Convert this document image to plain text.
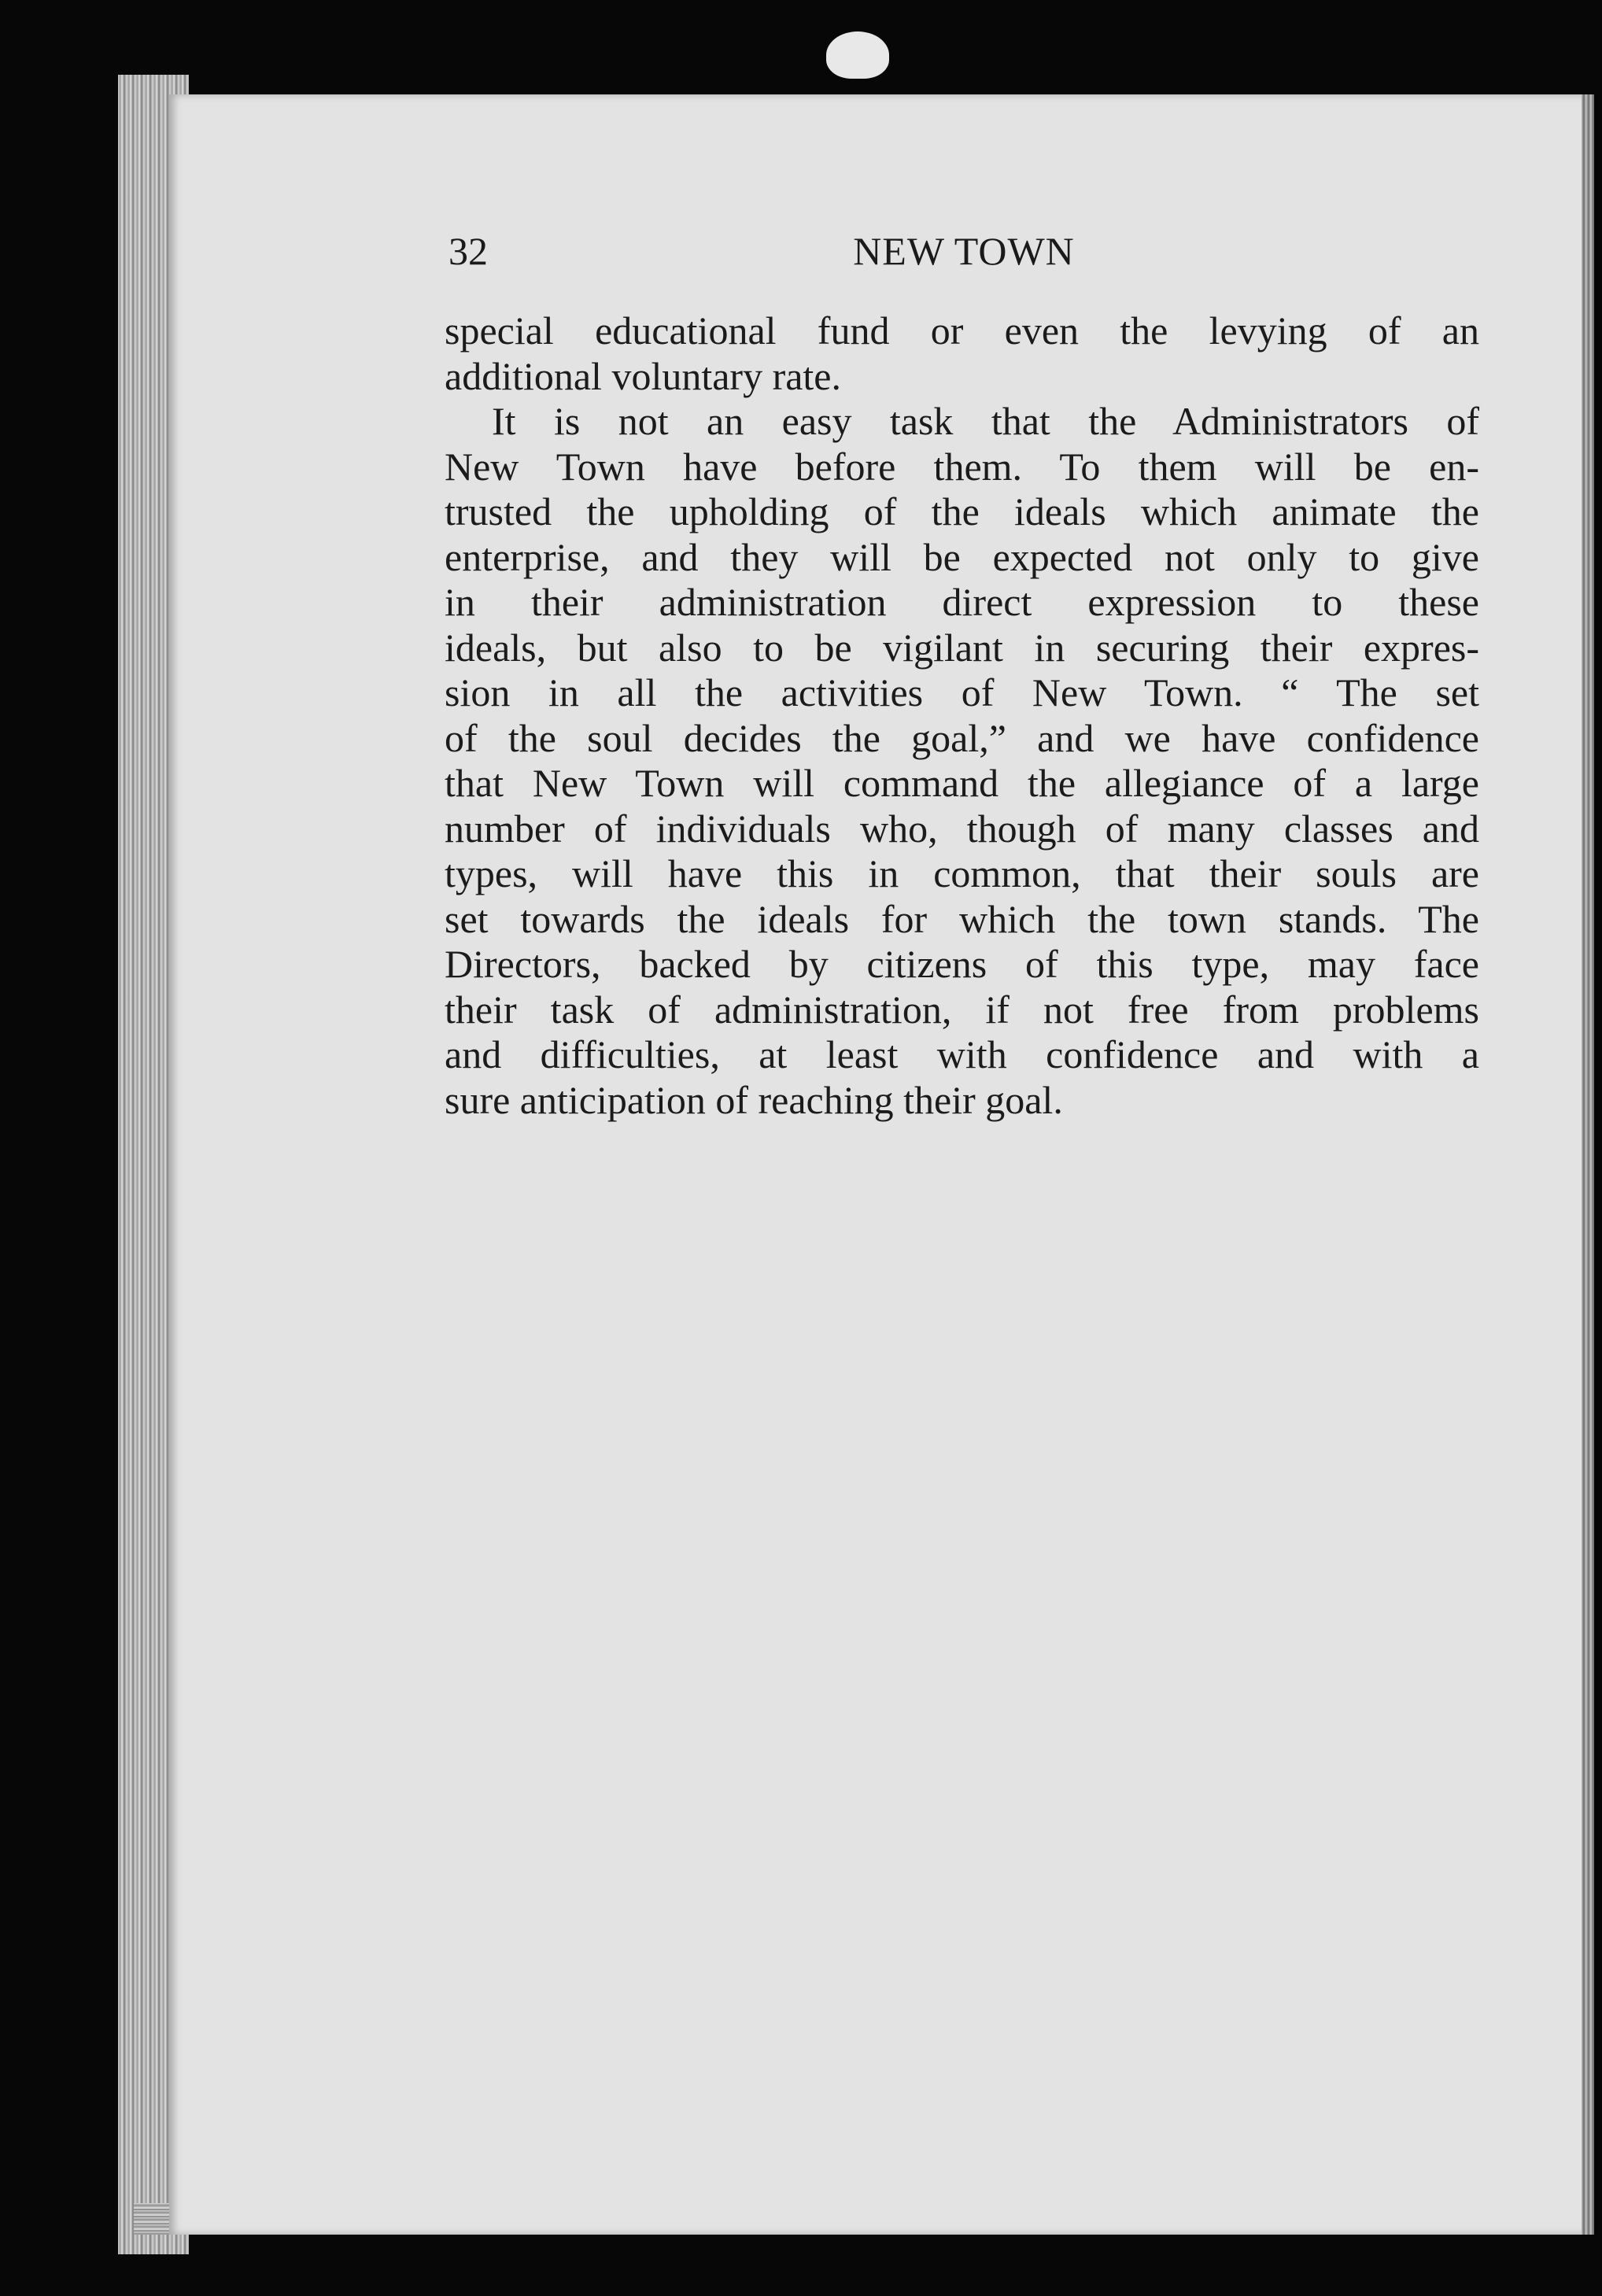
32	NEW TOWN
special educational fund or even the levying of an
additional voluntary rate.
It is not an easy task that the Administrators of
New Town have before them. To them will be en-
trusted the upholding of the ideals which animate the
enterprise, and they will be expected not only to give
in their administration direct expression to these
ideals, but also to be vigilant in securing their expres-
sion in all the activities of New Town. “ The set
of the soul decides the goal,” and we have confidence
that New Town will command the allegiance of a large
number of individuals who, though of many classes and
types, will have this in common, that their souls are
set towards the ideals for which the town stands. The
Directors, backed by citizens of this type, may face
their task of administration, if not free from problems
and difficulties, at least with confidence and with a
sure anticipation of reaching their goal.
